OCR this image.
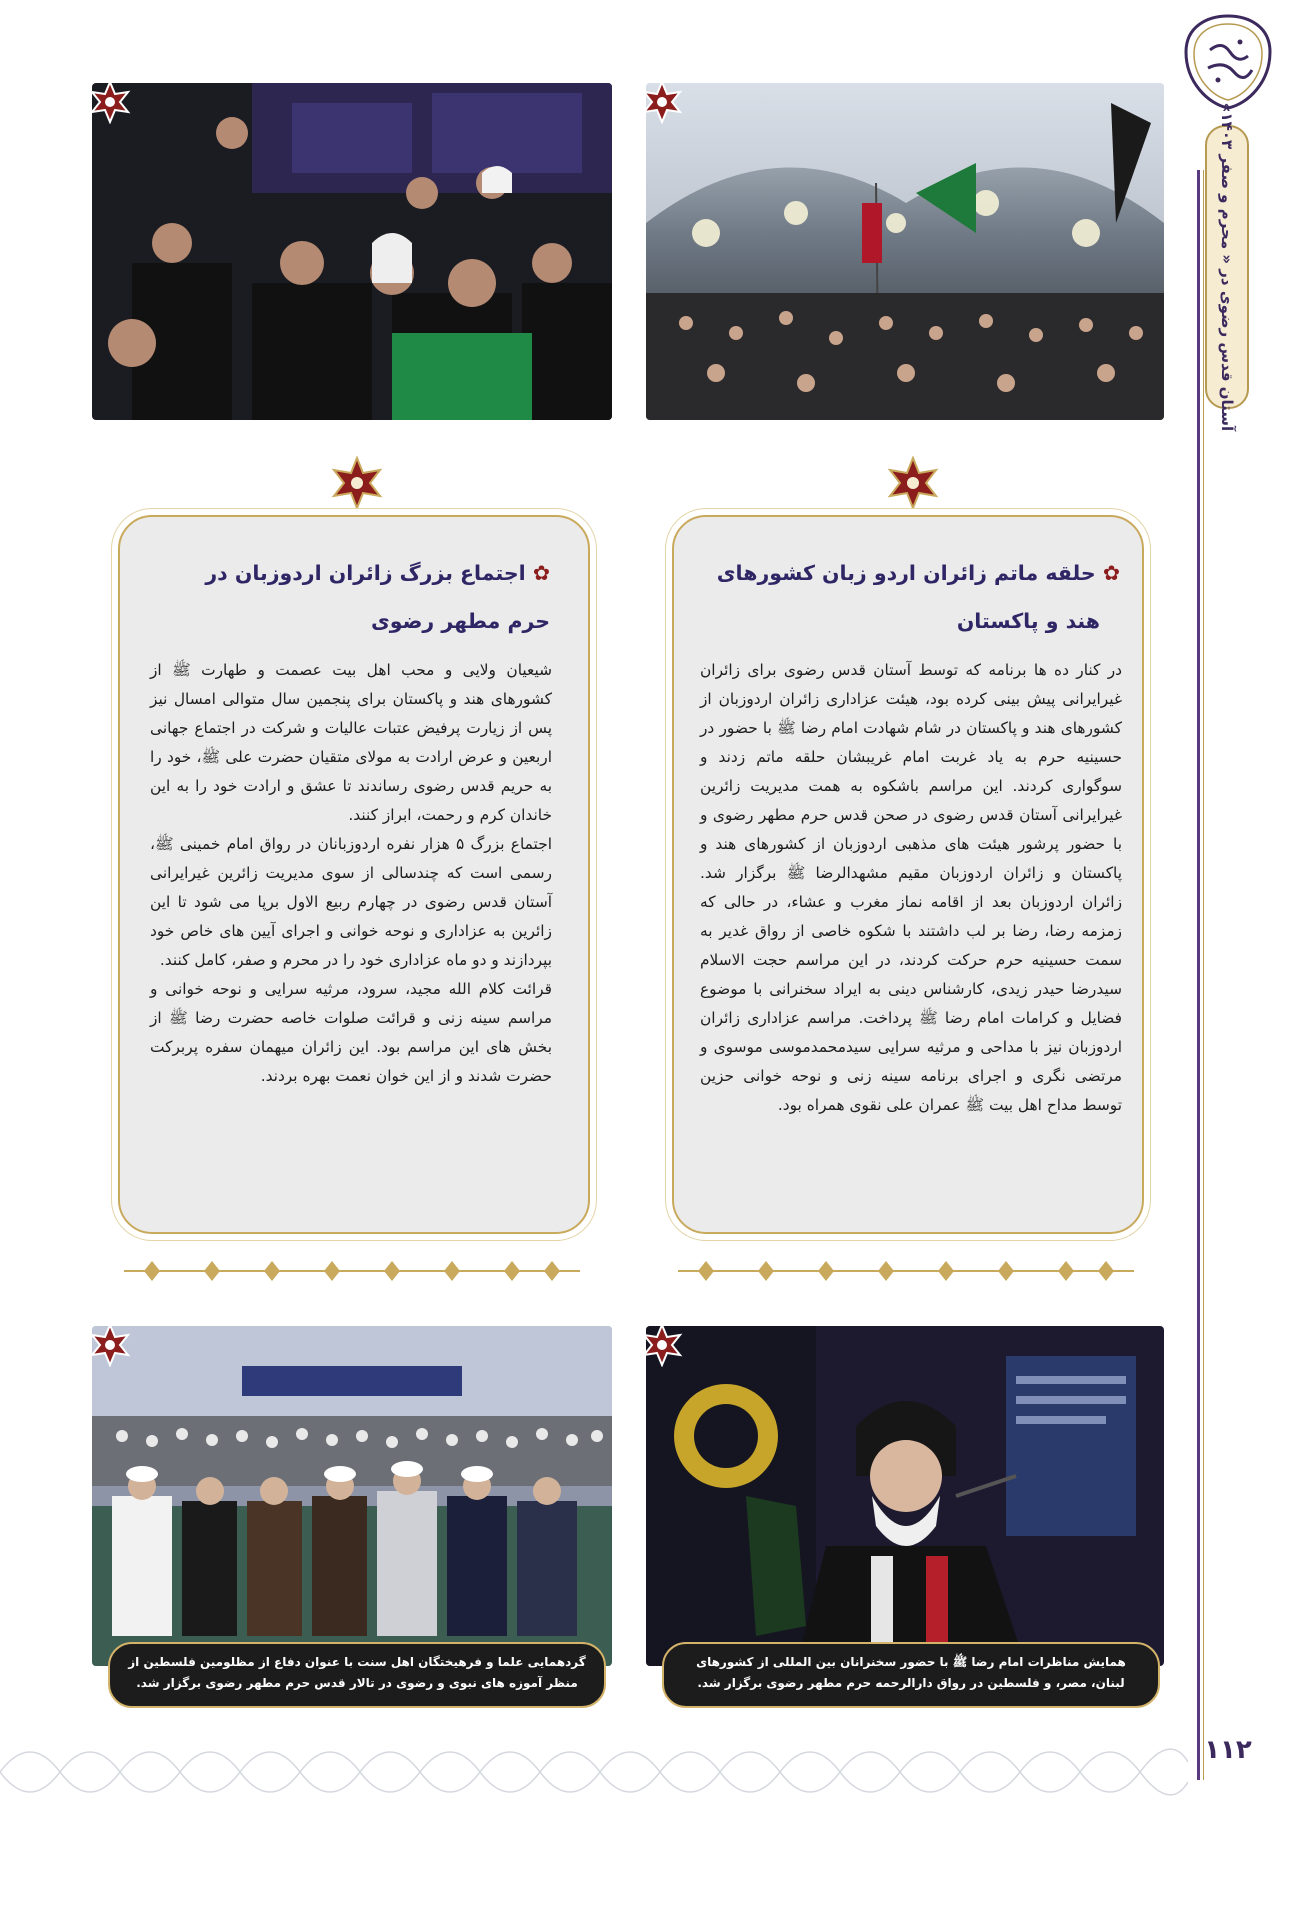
آستان قدس رضوی در « محرم و صفر ۱۴۰۳»
۱۱۲
✿ حلقه ماتم زائران اردو زبان کشورهای
هند و پاکستان

در کنار ده ها برنامه که توسط آستان قدس رضوی برای زائران غیرایرانی پیش بینی کرده بود، هیئت عزاداری زائران اردوزبان از کشورهای هند و پاکستان در شام شهادت امام رضا ﷺ با حضور در حسینیه حرم به یاد غربت امام غریبشان حلقه ماتم زدند و سوگواری کردند. این مراسم باشکوه به همت مدیریت زائرین غیرایرانی آستان قدس رضوی در صحن قدس حرم مطهر رضوی و با حضور پرشور هیئت های مذهبی اردوزبان از کشورهای هند و پاکستان و زائران اردوزبان مقیم مشهدالرضا ﷺ برگزار شد. زائران اردوزبان بعد از اقامه نماز مغرب و عشاء، در حالی که زمزمه رضا، رضا بر لب داشتند با شکوه خاصی از رواق غدیر به سمت حسینیه حرم حرکت کردند، در این مراسم حجت الاسلام سیدرضا حیدر زیدی، کارشناس دینی به ایراد سخنرانی با موضوع فضایل و کرامات امام رضا ﷺ پرداخت. مراسم عزاداری زائران اردوزبان نیز با مداحی و مرثیه سرایی سیدمحمدموسی موسوی و مرتضی نگری و اجرای برنامه سینه زنی و نوحه خوانی حزین توسط مداح اهل بیت ﷺ عمران علی نقوی همراه بود.

✿ اجتماع بزرگ زائران اردوزبان در
حرم مطهر رضوی

شیعیان ولایی و محب اهل بیت عصمت و طهارت ﷺ از کشورهای هند و پاکستان برای پنجمین سال متوالی امسال نیز پس از زیارت پرفیض عتبات عالیات و شرکت در اجتماع جهانی اربعین و عرض ارادت به مولای متقیان حضرت علی ﷺ، خود را به حریم قدس رضوی رساندند تا عشق و ارادت خود را به این خاندان کرم و رحمت، ابراز کنند.

اجتماع بزرگ ۵ هزار نفره اردوزبانان در رواق امام خمینی ﷺ، رسمی است که چندسالی از سوی مدیریت زائرین غیرایرانی آستان قدس رضوی در چهارم ربیع الاول برپا می شود تا این زائرین به عزاداری و نوحه خوانی و اجرای آیین های خاص خود بپردازند و دو ماه عزاداری خود را در محرم و صفر، کامل کنند.

قرائت کلام الله مجید، سرود، مرثیه سرایی و نوحه خوانی و مراسم سینه زنی و قرائت صلوات خاصه حضرت رضا ﷺ از بخش های این مراسم بود. این زائران میهمان سفره پربرکت حضرت شدند و از این خوان نعمت بهره بردند.

همایش مناظرات امام رضا ﷺ با حضور سخنرانان بین المللی از کشورهای لبنان، مصر، و فلسطین در رواق دارالرحمه حرم مطهر رضوی برگزار شد.
گردهمایی علما و فرهیختگان اهل سنت با عنوان دفاع از مظلومین فلسطین از منظر آموزه های نبوی و رضوی در تالار قدس حرم مطهر رضوی برگزار شد.
